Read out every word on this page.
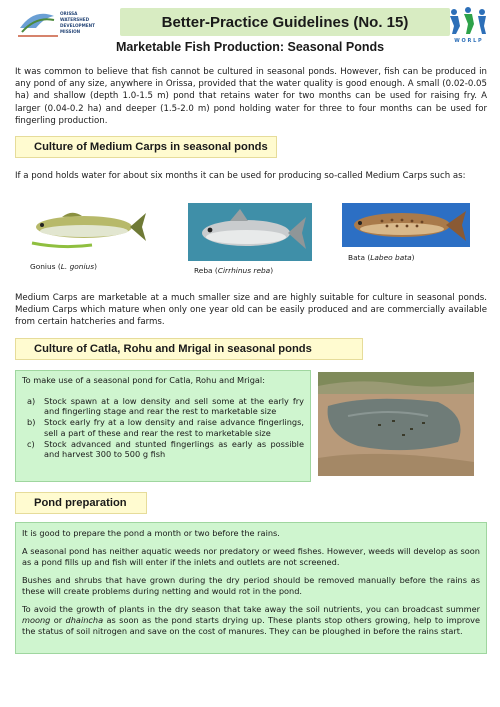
ORISSA
WATERSHED
DEVELOPMENT
MISSION
Better-Practice Guidelines (No. 15)
W O R L P
Marketable Fish Production: Seasonal Ponds
It was common to believe that fish cannot be cultured in seasonal ponds. However, fish can be produced in any pond of any size, anywhere in Orissa, provided that the water quality is good enough. A small (0.02-0.05 ha) and shallow (depth 1.0-1.5 m) pond that retains water for two months can be used for raising fry. A larger (0.04-0.2 ha) and deeper (1.5-2.0 m) pond holding water for three to four months can be used for fingerling production.
Culture of Medium Carps in seasonal ponds
If a pond holds water for about six months it can be used for producing so-called Medium Carps such as:
Gonius (L. gonius)	Reba (Cirrhinus reba)
Bata (Labeo bata)
Medium Carps are marketable at a much smaller size and are highly suitable for culture in seasonal ponds. Medium Carps which mature when only one year old can be easily produced and are commercially available from certain hatcheries and farms.
Culture of Catla, Rohu and Mrigal in seasonal ponds
To make use of a seasonal pond for Catla, Rohu and Mrigal:
a)	Stock spawn at a low density and sell some at the early fry and fingerling stage and rear the rest to marketable size
b)	Stock early fry at a low density and raise advance fingerlings, sell a part of these and rear the rest to marketable size
c)	Stock advanced and stunted fingerlings as early as possible and harvest 300 to 500 g fish
Pond preparation

It is good to prepare the pond a month or two before the rains.

A seasonal pond has neither aquatic weeds nor predatory or weed fishes. However, weeds will develop as soon as a pond fills up and fish will enter if the inlets and outlets are not screened.

Bushes and shrubs that have grown during the dry period should be removed manually before the rains as these will create problems during netting and would rot in the pond.

To avoid the growth of plants in the dry season that take away the soil nutrients, you can broadcast summer moong or dhaincha as soon as the pond starts drying up. These plants stop others growing, help to improve the status of soil nitrogen and save on the cost of manures. They can be ploughed in before the rains start.
